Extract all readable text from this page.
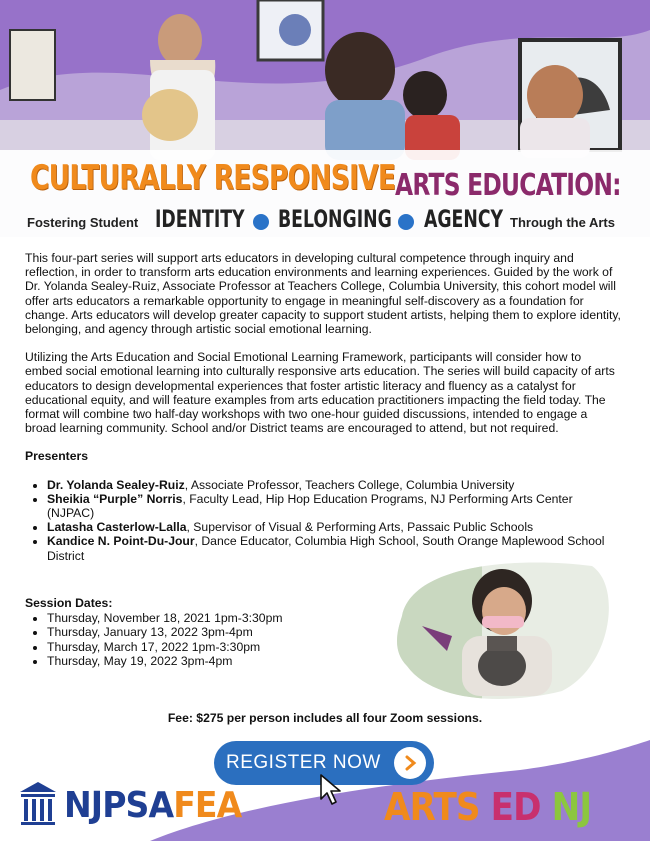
CULTURALLY RESPONSIVE ARTS EDUCATION:
Fostering Student IDENTITY BELONGING AGENCY Through the Arts

This four-part series will support arts educators in developing cultural competence through inquiry and reflection, in order to transform arts education environments and learning experiences. Guided by the work of Dr. Yolanda Sealey-Ruiz, Associate Professor at Teachers College, Columbia University, this cohort model will offer arts educators a remarkable opportunity to engage in meaningful self-discovery as a foundation for change. Arts educators will develop greater capacity to support student artists, helping them to explore identity, belonging, and agency through artistic social emotional learning.

Utilizing the Arts Education and Social Emotional Learning Framework, participants will consider how to embed social emotional learning into culturally responsive arts education. The series will build capacity of arts educators to design developmental experiences that foster artistic literacy and fluency as a catalyst for educational equity, and will feature examples from arts education practitioners impacting the field today. The format will combine two half-day workshops with two one-hour guided discussions, intended to engage a broad learning community. School and/or District teams are encouraged to attend, but not required.

Presenters

• Dr. Yolanda Sealey-Ruiz, Associate Professor, Teachers College, Columbia University
• Sheikia “Purple” Norris, Faculty Lead, Hip Hop Education Programs, NJ Performing Arts Center (NJPAC)
• Latasha Casterlow-Lalla, Supervisor of Visual & Performing Arts, Passaic Public Schools
• Kandice N. Point-Du-Jour, Dance Educator, Columbia High School, South Orange Maplewood School District

Session Dates:

• Thursday, November 18, 2021 1pm-3:30pm
• Thursday, January 13, 2022 3pm-4pm
• Thursday, March 17, 2022 1pm-3:30pm
• Thursday, May 19, 2022 3pm-4pm
Fee: $275 per person includes all four Zoom sessions.
REGISTER NOW
NJPSAFEA	ARTS ED NJ
